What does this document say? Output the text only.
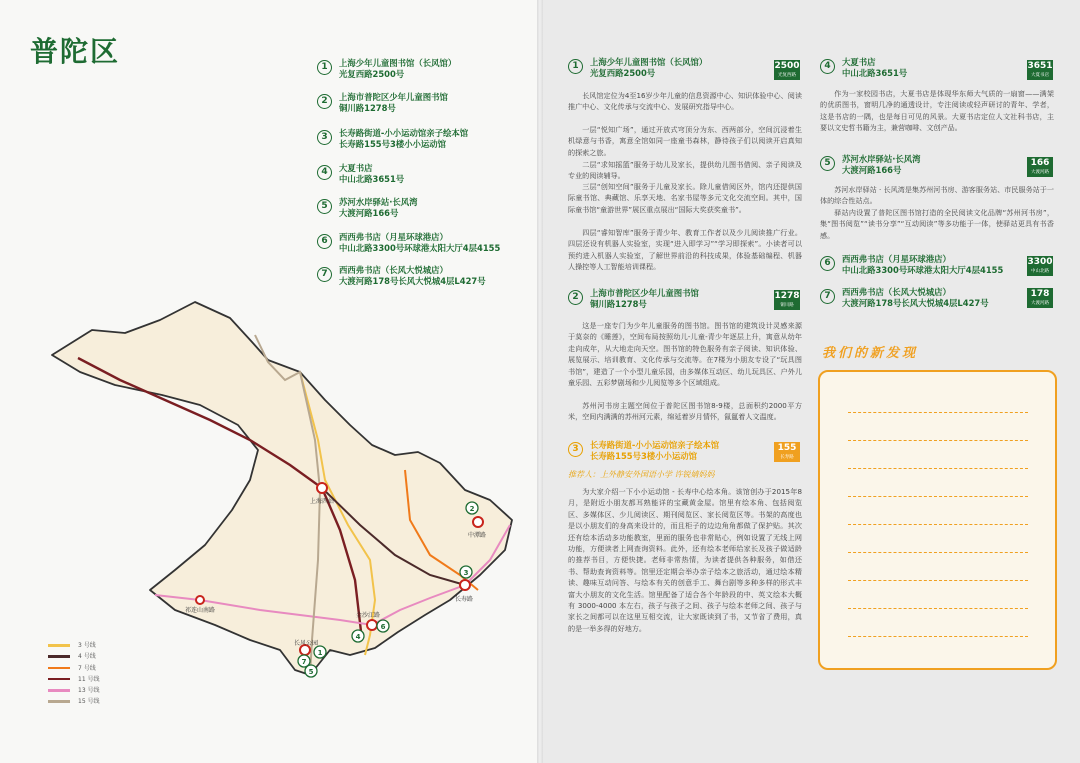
普陀区	1	上海少年儿童图书馆（长风馆）
光复西路2500号
2	上海市普陀区少年儿童图书馆
铜川路1278号
3	长寿路街道-小小运动馆亲子绘本馆
长寿路155号3楼小小运动馆
4	大夏书店
中山北路3651号
5	苏河水岸驿站·长风湾
大渡河路166号
6	西西弗书店（月星环球港店）
中山北路3300号环球港太阳大厅4层4155
7	西西弗书店（长风大悦城店）
大渡河路178号长风大悦城4层L427号
上海西站
中潭路
长寿路
金沙江路
长风公园
祁连山南路
1
2
3
4
5
6
7
3 号线
4 号线
7 号线
11 号线
13 号线
15 号线
1	上海少年儿童图书馆（长风馆）
光复西路2500号
2500
光复西路
长风馆定位为4至16岁少年儿童的信息资源中心、知识体验中心、阅读推广中心、文化传承与交流中心、发展研究指导中心。
一层“悦知广场”，通过开放式穹顶分为东、西两部分，空间沉浸着生机绿意与书香，寓意全馆如同一座童书森林，静待孩子们以阅读开启真知的探索之旅。
二层“求知摇篮”服务于幼儿及家长，提供幼儿图书借阅、亲子阅读及专业的阅读辅导。
三层“创知空间”服务于儿童及家长。除儿童借阅区外，馆内还提供国际童书馆、典藏馆、乐享天地、名家书屋等多元文化交流空间。其中，国际童书馆“童游世界”展区重点展出“国际大奖获奖童书”。
四层“睿知智库”服务于青少年、教育工作者以及少儿阅读推广行业。四层还设有机器人实验室，实现“进入即学习”“学习即探索”。小读者可以预约进入机器人实验室，了解世界前沿的科技成果，体验基础编程、机器人操控等人工智能培训课程。
2	上海市普陀区少年儿童图书馆
铜川路1278号
1278
铜川路
这是一座专门为少年儿童服务的图书馆。图书馆的建筑设计灵感来源于莫奈的《睡莲》，空间布局按照幼儿-儿童-青少年逐层上升，寓意从幼年走向成年，从大地走向天空。图书馆的特色服务有亲子阅读、知识体验、展览展示、培训教育、文化传承与交流等。在7楼为小朋友专设了“玩具图书馆”，建造了一个小型儿童乐园，由多媒体互动区、幼儿玩具区、户外儿童乐园、五彩梦剧场和少儿阅览等多个区域组成。
苏州河书房主题空间位于普陀区图书馆8-9楼，总面积约2000平方米，空间内满满的苏州河元素，绵延着岁月情怀，氤氲着人文温度。
3	长寿路街道-小小运动馆亲子绘本馆
长寿路155号3楼小小运动馆
155
长寿路
推荐人：上外静安外国语小学 许锐婧妈妈
为大家介绍一下小小运动馆 - 长寿中心绘本角。该馆创办于2015年8月，是附近小朋友都耳熟能详的宝藏黄金屋。馆里有绘本角、包括阅览区、多媒体区、少儿阅读区、期刊阅览区、家长阅览区等。书架的高度也是以小朋友们的身高来设计的，而且柜子的边边角角都做了保护贴。其次还有绘本活动多功能教室，里面的服务也非常贴心，例如设置了无线上网功能，方便读者上网查询资料。此外，还有绘本老师给家长及孩子做适龄的推荐书目，方便快捷。老师非常热情，为读者提供各种服务，如借还书、帮助查询资料等。馆里还定期会举办亲子绘本之旅活动，通过绘本精读、趣味互动问答、与绘本有关的创意手工、舞台剧等多种多样的形式丰富大小朋友的文化生活。馆里配备了适合各个年龄段的中、英文绘本大概有 3000-4000 本左右，孩子与孩子之间、孩子与绘本老师之间、孩子与家长之间都可以在这里互相交流，让大家既读到了书，又节省了费用，真的是一举多得的好地方。
4	大夏书店
中山北路3651号
3651
大夏书店
作为一家校园书店，大夏书店是体现华东师大气质的一扇窗——满架的优质图书，窗明几净的通透设计，专注阅读或轻声研讨的青年、学者，这是书店的一隅，也是每日可见的风景。大夏书店定位人文社科书店，主要以文史哲书籍为主，兼营咖啡、文创产品。
5	苏河水岸驿站·长风湾
大渡河路166号
166
大渡河路
苏河水岸驿站 · 长风湾是集苏州河书房、游客服务站、市民服务站于一体的综合性站点。
驿站内设置了普陀区图书馆打造的全民阅读文化品牌“苏州河书房”，集“图书阅览”“读书分享”“互动阅读”等多功能于一体，使驿站更具有书香感。
6	西西弗书店（月星环球港店）
中山北路3300号环球港太阳大厅4层4155
3300
中山北路
7	西西弗书店（长风大悦城店）
大渡河路178号长风大悦城4层L427号
178
大渡河路
我们的新发现
